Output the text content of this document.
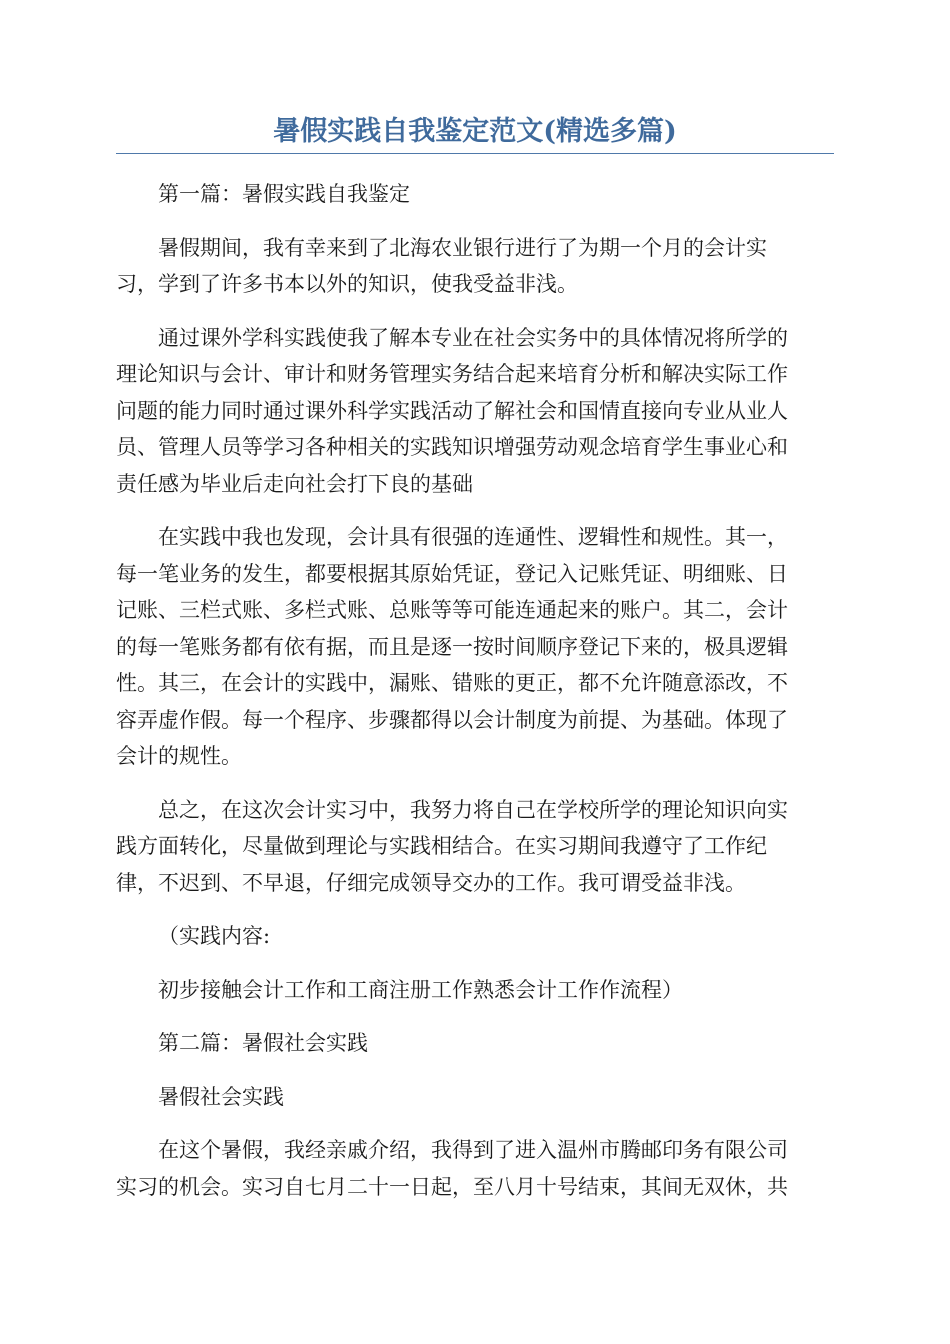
暑假实践自我鉴定范文(精选多篇)
第一篇：暑假实践自我鉴定
暑假期间，我有幸来到了北海农业银行进行了为期一个月的会计实
习，学到了许多书本以外的知识，使我受益非浅。
通过课外学科实践使我了解本专业在社会实务中的具体情况将所学的
理论知识与会计、审计和财务管理实务结合起来培育分析和解决实际工作
问题的能力同时通过课外科学实践活动了解社会和国情直接向专业从业人
员、管理人员等学习各种相关的实践知识增强劳动观念培育学生事业心和
责任感为毕业后走向社会打下良的基础
在实践中我也发现，会计具有很强的连通性、逻辑性和规性。其一，
每一笔业务的发生，都要根据其原始凭证，登记入记账凭证、明细账、日
记账、三栏式账、多栏式账、总账等等可能连通起来的账户。其二，会计
的每一笔账务都有依有据，而且是逐一按时间顺序登记下来的，极具逻辑
性。其三，在会计的实践中，漏账、错账的更正，都不允许随意添改，不
容弄虚作假。每一个程序、步骤都得以会计制度为前提、为基础。体现了
会计的规性。
总之，在这次会计实习中，我努力将自己在学校所学的理论知识向实
践方面转化，尽量做到理论与实践相结合。在实习期间我遵守了工作纪
律，不迟到、不早退，仔细完成领导交办的工作。我可谓受益非浅。
（实践内容:
初步接触会计工作和工商注册工作熟悉会计工作作流程）
第二篇：暑假社会实践
暑假社会实践
在这个暑假，我经亲戚介绍，我得到了进入温州市腾邮印务有限公司
实习的机会。实习自七月二十一日起，至八月十号结束，其间无双休，共
